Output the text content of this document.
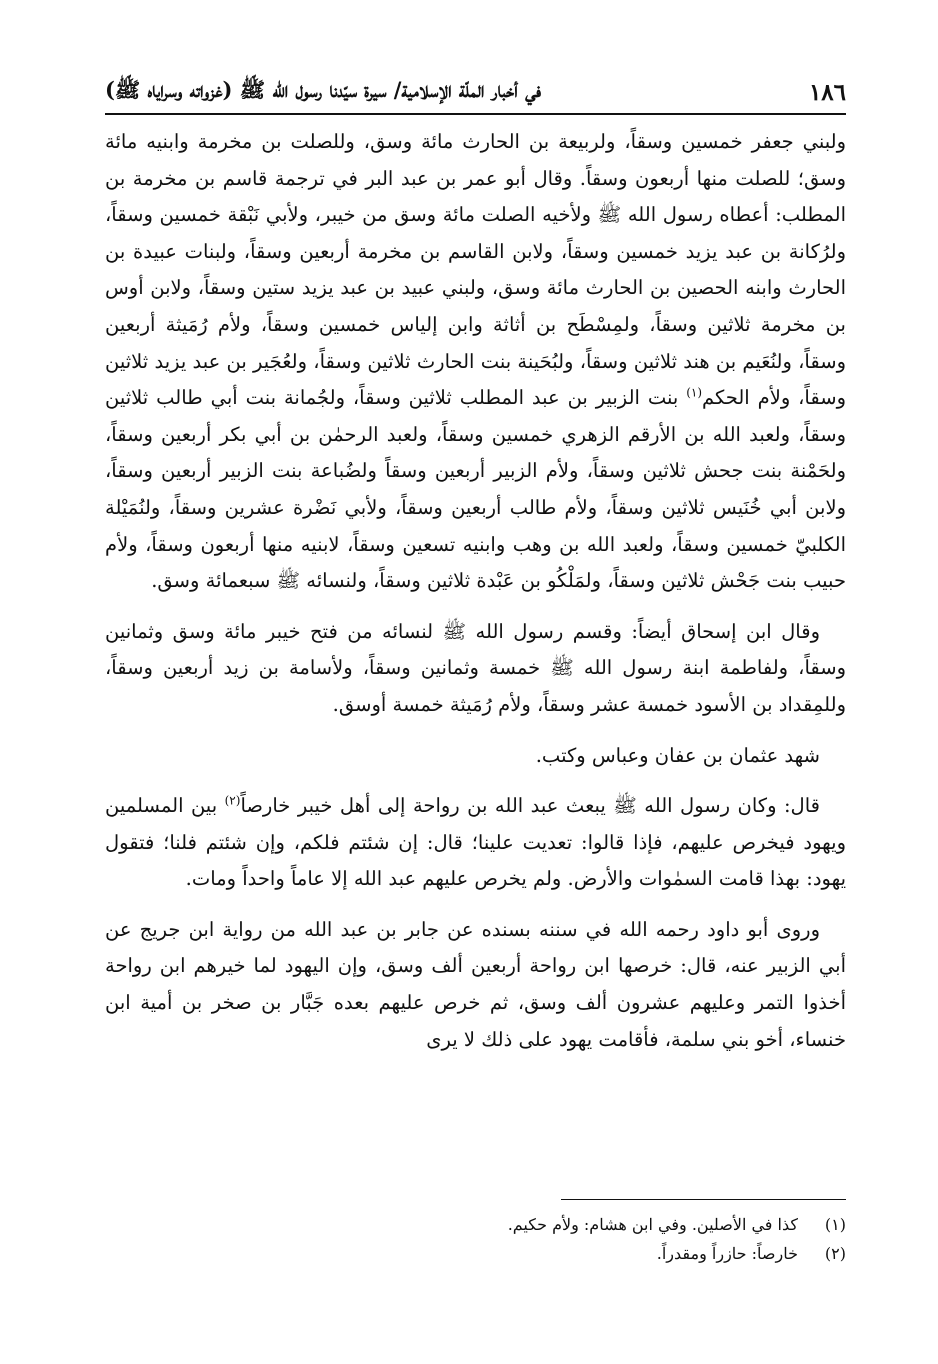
١٨٦
في أخبار الملّة الإسلامية/ سيرة سيّدنا رسول الله ﷺ (غزواته وسراياه ﷺ)

ولبني جعفر خمسين وسقاً، ولربيعة بن الحارث مائة وسق، وللصلت بن مخرمة وابنيه مائة وسق؛ للصلت منها أربعون وسقاً. وقال أبو عمر بن عبد البر في ترجمة قاسم بن مخرمة بن المطلب: أعطاه رسول الله ﷺ ولأخيه الصلت مائة وسق من خيبر، ولأبي نَبْقة خمسين وسقاً، ولرُكانة بن عبد يزيد خمسين وسقاً، ولابن القاسم بن مخرمة أربعين وسقاً، ولبنات عبيدة بن الحارث وابنه الحصين بن الحارث مائة وسق، ولبني عبيد بن عبد يزيد ستين وسقاً، ولابن أوس بن مخرمة ثلاثين وسقاً، ولمِسْطَح بن أثاثة وابن إلياس خمسين وسقاً، ولأم رُمَيثة أربعين وسقاً، ولنُعَيم بن هند ثلاثين وسقاً، ولبُحَينة بنت الحارث ثلاثين وسقاً، ولعُجَير بن عبد يزيد ثلاثين وسقاً، ولأم الحكم$^{(١)}$ بنت الزبير بن عبد المطلب ثلاثين وسقاً، ولجُمانة بنت أبي طالب ثلاثين وسقاً، ولعبد الله بن الأرقم الزهري خمسين وسقاً، ولعبد الرحمٰن بن أبي بكر أربعين وسقاً، ولحَمْنة بنت جحش ثلاثين وسقاً، ولأم الزبير أربعين وسقاً ولضُباعة بنت الزبير أربعين وسقاً، ولابن أبي خُنَيس ثلاثين وسقاً، ولأم طالب أربعين وسقاً، ولأبي نَضْرة عشرين وسقاً، ولنُمَيْلة الكلبيّ خمسين وسقاً، ولعبد الله بن وهب وابنيه تسعين وسقاً، لابنيه منها أربعون وسقاً، ولأم حبيب بنت جَحْش ثلاثين وسقاً، ولمَلْكُو بن عَبْدة ثلاثين وسقاً، ولنسائه ﷺ سبعمائة وسق.

وقال ابن إسحاق أيضاً: وقسم رسول الله ﷺ لنسائه من فتح خيبر مائة وسق وثمانين وسقاً، ولفاطمة ابنة رسول الله ﷺ خمسة وثمانين وسقاً، ولأسامة بن زيد أربعين وسقاً، وللمِقداد بن الأسود خمسة عشر وسقاً، ولأم رُمَيثة خمسة أوسق.

شهد عثمان بن عفان وعباس وكتب.

قال: وكان رسول الله ﷺ يبعث عبد الله بن رواحة إلى أهل خيبر خارصاً$^{(٢)}$ بين المسلمين ويهود فيخرص عليهم، فإذا قالوا: تعديت علينا؛ قال: إن شئتم فلكم، وإن شئتم فلنا؛ فتقول يهود: بهذا قامت السمٰوات والأرض. ولم يخرص عليهم عبد الله إلا عاماً واحداً ومات.

وروى أبو داود رحمه الله في سننه بسنده عن جابر بن عبد الله من رواية ابن جريج عن أبي الزبير عنه، قال: خرصها ابن رواحة أربعين ألف وسق، وإن اليهود لما خيرهم ابن رواحة أخذوا التمر وعليهم عشرون ألف وسق، ثم خرص عليهم بعده جَبَّار بن صخر بن أمية ابن خنساء، أخو بني سلمة، فأقامت يهود على ذلك لا يرى

(١)
كذا في الأصلين. وفي ابن هشام: ولأم حكيم.
(٢)
خارصاً: حازراً ومقدراً.
